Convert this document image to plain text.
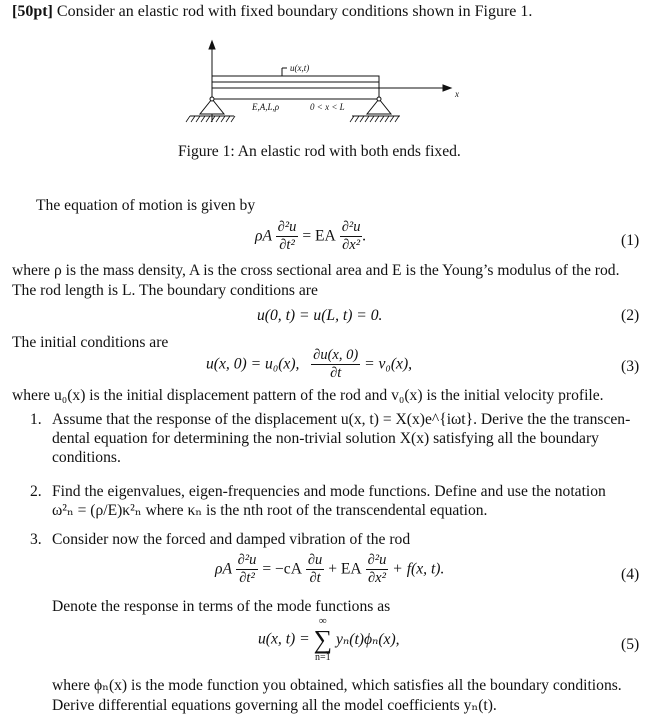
[50pt] Consider an elastic rod with fixed boundary conditions shown in Figure 1.
u(x,t)
E,A,L,ρ	0 < x < L
x
Figure 1: An elastic rod with both ends fixed.
The equation of motion is given by
ρA $\frac{\text{∂²u}}{\text{∂t²}}$ = EA $\frac{\text{∂²u}}{\text{∂x²}}$ .	(1)
where ρ is the mass density, A is the cross sectional area and E is the Young’s modulus of the rod.
The rod length is L. The boundary conditions are
u(0, t) = u(L, t) = 0.	(2)
The initial conditions are
u(x, 0) = u₀(x), $\frac{\partial u(x, 0)}{\partial t} = v_0(x)$,	(3)
where u₀(x) is the initial displacement pattern of the rod and v₀(x) is the initial velocity profile.
1. Assume that the response of the displacement u(x, t) = X(x)e^{iωt}. Derive the the transcen-
dental equation for determining the non-trivial solution X(x) satisfying all the boundary
conditions.
2. Find the eigenvalues, eigen-frequencies and mode functions. Define and use the notation
ω²ₙ = (ρ/E)κ²ₙ where κₙ is the nth root of the transcendental equation.
3. Consider now the forced and damped vibration of the rod
ρA $\frac{\text{∂²u}}{\text{∂t²}} = -cA \frac{\partial u}{\partial t}$ + EA $\frac{\text{∂²u}}{\text{∂x²}} + f(x$, t).	(4)
Denote the response in terms of the mode functions as
u(x, t) =
∞
∑
n=1
yₙ(t)ϕₙ(x),	(5)
where ϕₙ(x) is the mode function you obtained, which satisfies all the boundary conditions.
Derive differential equations governing all the model coefficients yₙ(t).
